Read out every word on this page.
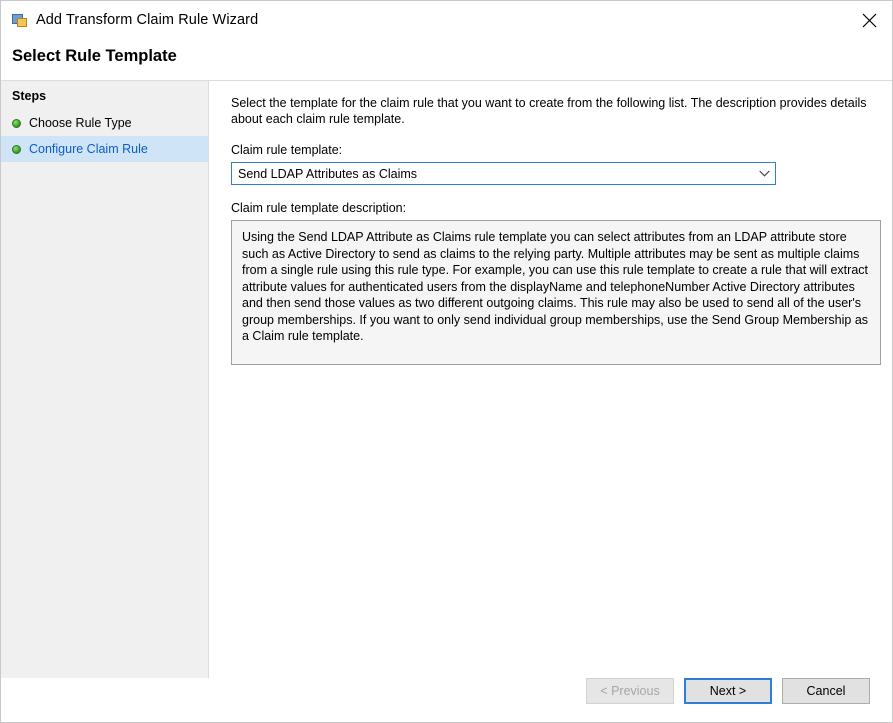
Add Transform Claim Rule Wizard
Select Rule Template
Steps
Choose Rule Type
Configure Claim Rule
Select the template for the claim rule that you want to create from the following list. The description provides details about each claim rule template.
Claim rule template:
Send LDAP Attributes as Claims
Claim rule template description:
Using the Send LDAP Attribute as Claims rule template you can select attributes from an LDAP attribute store such as Active Directory to send as claims to the relying party. Multiple attributes may be sent as multiple claims from a single rule using this rule type. For example, you can use this rule template to create a rule that will extract attribute values for authenticated users from the displayName and telephoneNumber Active Directory attributes and then send those values as two different outgoing claims. This rule may also be used to send all of the user's group memberships. If you want to only send individual group memberships, use the Send Group Membership as a Claim rule template.
< Previous	Next >	Cancel
